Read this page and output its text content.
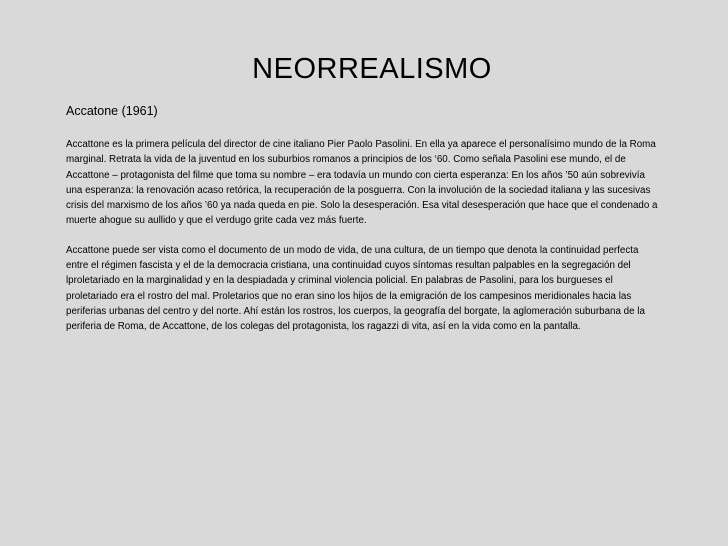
NEORREALISMO
Accatone (1961)
Accattone es la primera película del director de cine italiano Pier Paolo Pasolini. En ella ya aparece el personalísimo mundo de la Roma
marginal. Retrata la vida de la juventud en los suburbios romanos a principios de los ‘60. Como señala Pasolini ese mundo, el de
Accattone – protagonista del filme que toma su nombre – era todavía un mundo con cierta esperanza: En los años ’50 aún sobrevivía
una esperanza: la renovación acaso retórica, la recuperación de la posguerra. Con la involución de la sociedad italiana y las sucesivas
crisis del marxismo de los años ’60 ya nada queda en pie. Solo la desesperación. Esa vital desesperación que hace que el condenado a
muerte ahogue su aullido y que el verdugo grite cada vez más fuerte.
Accattone puede ser vista como el documento de un modo de vida, de una cultura, de un tiempo que denota la continuidad perfecta
entre el régimen fascista y el de la democracia cristiana, una continuidad cuyos síntomas resultan palpables en la segregación del
lproletariado en la marginalidad y en la despiadada y criminal violencia policial. En palabras de Pasolini, para los burgueses el
proletariado era el rostro del mal. Proletarios que no eran sino los hijos de la emigración de los campesinos meridionales hacia las
periferias urbanas del centro y del norte. Ahí están los rostros, los cuerpos, la geografía del borgate, la aglomeración suburbana de la
periferia de Roma, de Accattone, de los colegas del protagonista, los ragazzi di vita, así en la vida como en la pantalla.
